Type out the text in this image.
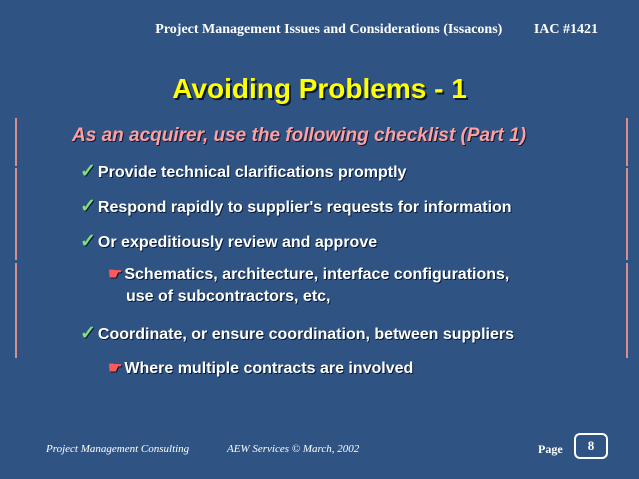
Project Management Issues and Considerations (Issacons) IAC #1421
Avoiding Problems - 1
As an acquirer, use the following checklist (Part 1)
✓ Provide technical clarifications promptly
✓ Respond rapidly to supplier's requests for information
✓ Or expeditiously review and approve
☛ Schematics, architecture, interface configurations,
use of subcontractors, etc,
✓ Coordinate, or ensure coordination, between suppliers
☛ Where multiple contracts are involved
Project Management Consulting	AEW Services © March, 2002	Page	8
